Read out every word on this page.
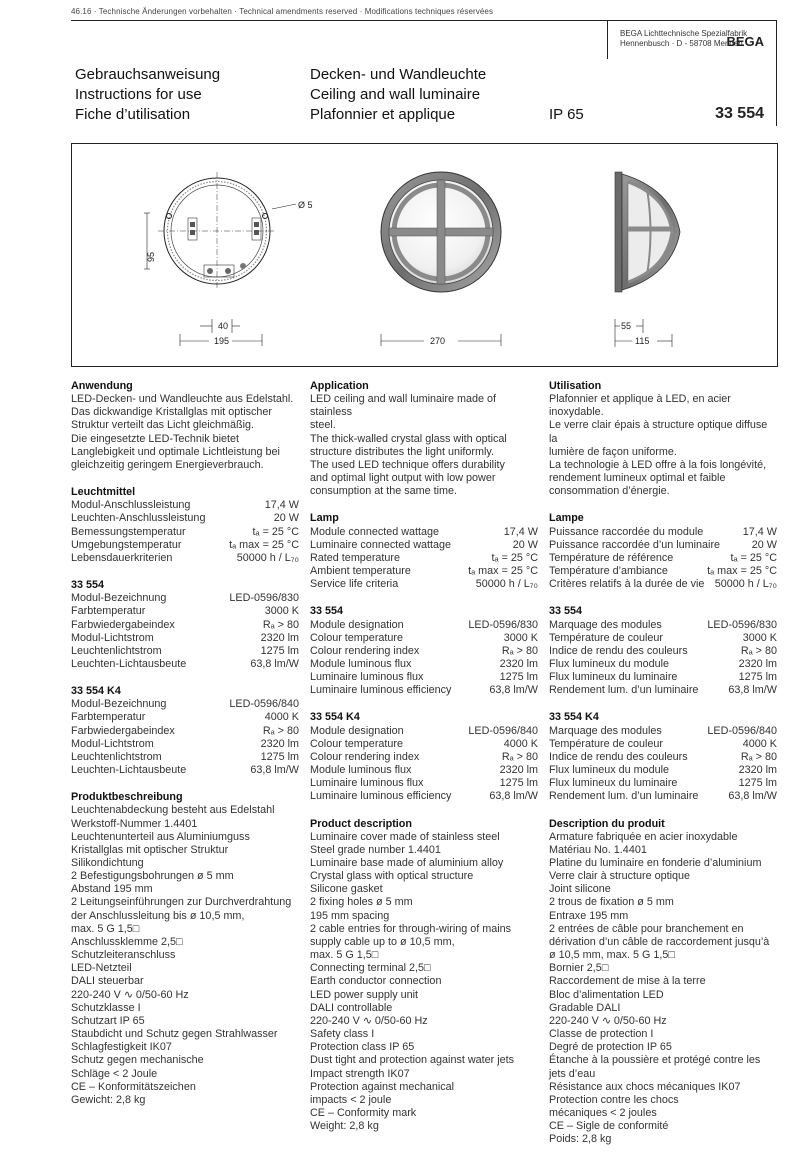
46.16 · Technische Änderungen vorbehalten · Technical amendments reserved · Modifications techniques réservées
BEGA Lichttechnische Spezialfabrik
Hennenbusch · D - 58708 Menden
BEGA
Gebrauchsanweisung
Instructions for use
Fiche d’utilisation
Decken- und Wandleuchte
Ceiling and wall luminaire
Plafonnier et applique	IP 65	33 554
Ø 5
95
40
195	270
55
115
Anwendung
LED-Decken- und Wandleuchte aus Edelstahl.
Das dickwandige Kristallglas mit optischer
Struktur verteilt das Licht gleichmäßig.
Die eingesetzte LED-Technik bietet
Langlebigkeit und optimale Lichtleistung bei
gleichzeitig geringem Energieverbrauch.
Leuchtmittel
Modul-Anschlussleistung	17,4 W
Leuchten-Anschlussleistung	20 W
Bemessungstemperatur	tₐ = 25 °C
Umgebungstemperatur	tₐ max = 25 °C
Lebensdauerkriterien	50000 h / L₇₀
33 554
Modul-Bezeichnung	LED-0596/830
Farbtemperatur	3000 K
Farbwiedergabeindex	Rₐ > 80
Modul-Lichtstrom	2320 lm
Leuchtenlichtstrom	1275 lm
Leuchten-Lichtausbeute	63,8 lm/W
33 554 K4
Modul-Bezeichnung	LED-0596/840
Farbtemperatur	4000 K
Farbwiedergabeindex	Rₐ > 80
Modul-Lichtstrom	2320 lm
Leuchtenlichtstrom	1275 lm
Leuchten-Lichtausbeute	63,8 lm/W
Produktbeschreibung
Leuchtenabdeckung besteht aus Edelstahl
Werkstoff-Nummer 1.4401
Leuchtenunterteil aus Aluminiumguss
Kristallglas mit optischer Struktur
Silikondichtung
2 Befestigungsbohrungen ø 5 mm
Abstand 195 mm
2 Leitungseinführungen zur Durchverdrahtung
der Anschlussleitung bis ø 10,5 mm,
max. 5 G 1,5□
Anschlussklemme 2,5□
Schutzleiteranschluss
LED-Netzteil
DALI steuerbar
220-240 V ∿ 0/50-60 Hz
Schutzklasse I
Schutzart IP 65
Staubdicht und Schutz gegen Strahlwasser
Schlagfestigkeit IK07
Schutz gegen mechanische
Schläge < 2 Joule
CE – Konformitätszeichen
Gewicht: 2,8 kg
Application
LED ceiling and wall luminaire made of stainless
steel.
The thick-walled crystal glass with optical
structure distributes the light uniformly.
The used LED technique offers durability
and optimal light output with low power
consumption at the same time.
Lamp
Module connected wattage	17,4 W
Luminaire connected wattage	20 W
Rated temperature	tₐ = 25 °C
Ambient temperature	tₐ max = 25 °C
Service life criteria	50000 h / L₇₀
33 554
Module designation	LED-0596/830
Colour temperature	3000 K
Colour rendering index	Rₐ > 80
Module luminous flux	2320 lm
Luminaire luminous flux	1275 lm
Luminaire luminous efficiency	63,8 lm/W
33 554 K4
Module designation	LED-0596/840
Colour temperature	4000 K
Colour rendering index	Rₐ > 80
Module luminous flux	2320 lm
Luminaire luminous flux	1275 lm
Luminaire luminous efficiency	63,8 lm/W
Product description
Luminaire cover made of stainless steel
Steel grade number 1.4401
Luminaire base made of aluminium alloy
Crystal glass with optical structure
Silicone gasket
2 fixing holes ø 5 mm
195 mm spacing
2 cable entries for through-wiring of mains
supply cable up to ø 10,5 mm,
max. 5 G 1,5□
Connecting terminal 2,5□
Earth conductor connection
LED power supply unit
DALI controllable
220-240 V ∿ 0/50-60 Hz
Safety class I
Protection class IP 65
Dust tight and protection against water jets
Impact strength IK07
Protection against mechanical
impacts < 2 joule
CE – Conformity mark
Weight: 2,8 kg
Utilisation
Plafonnier et applique à LED, en acier
inoxydable.
Le verre clair épais à structure optique diffuse la
lumière de façon uniforme.
La technologie à LED offre à la fois longévité,
rendement lumineux optimal et faible
consommation d’énergie.
Lampe
Puissance raccordée du module	17,4 W
Puissance raccordée d’un luminaire	20 W
Température de référence	tₐ = 25 °C
Température d’ambiance	tₐ max = 25 °C
Critères relatifs à la durée de vie 50000 h / L₇₀
33 554
Marquage des modules	LED-0596/830
Température de couleur	3000 K
Indice de rendu des couleurs	Rₐ > 80
Flux lumineux du module	2320 lm
Flux lumineux du luminaire	1275 lm
Rendement lum. d’un luminaire	63,8 lm/W
33 554 K4
Marquage des modules	LED-0596/840
Température de couleur	4000 K
Indice de rendu des couleurs	Rₐ > 80
Flux lumineux du module	2320 lm
Flux lumineux du luminaire	1275 lm
Rendement lum. d’un luminaire	63,8 lm/W
Description du produit
Armature fabriquée en acier inoxydable
Matériau No. 1.4401
Platine du luminaire en fonderie d’aluminium
Verre clair à structure optique
Joint silicone
2 trous de fixation ø 5 mm
Entraxe 195 mm
2 entrées de câble pour branchement en
dérivation d’un câble de raccordement jusqu’à
ø 10,5 mm, max. 5 G 1,5□
Bornier 2,5□
Raccordement de mise à la terre
Bloc d’alimentation LED
Gradable DALI
220-240 V ∿ 0/50-60 Hz
Classe de protection I
Degré de protection IP 65
Étanche à la poussière et protégé contre les
jets d’eau
Résistance aux chocs mécaniques IK07
Protection contre les chocs
mécaniques < 2 joules
CE – Sigle de conformité
Poids: 2,8 kg
